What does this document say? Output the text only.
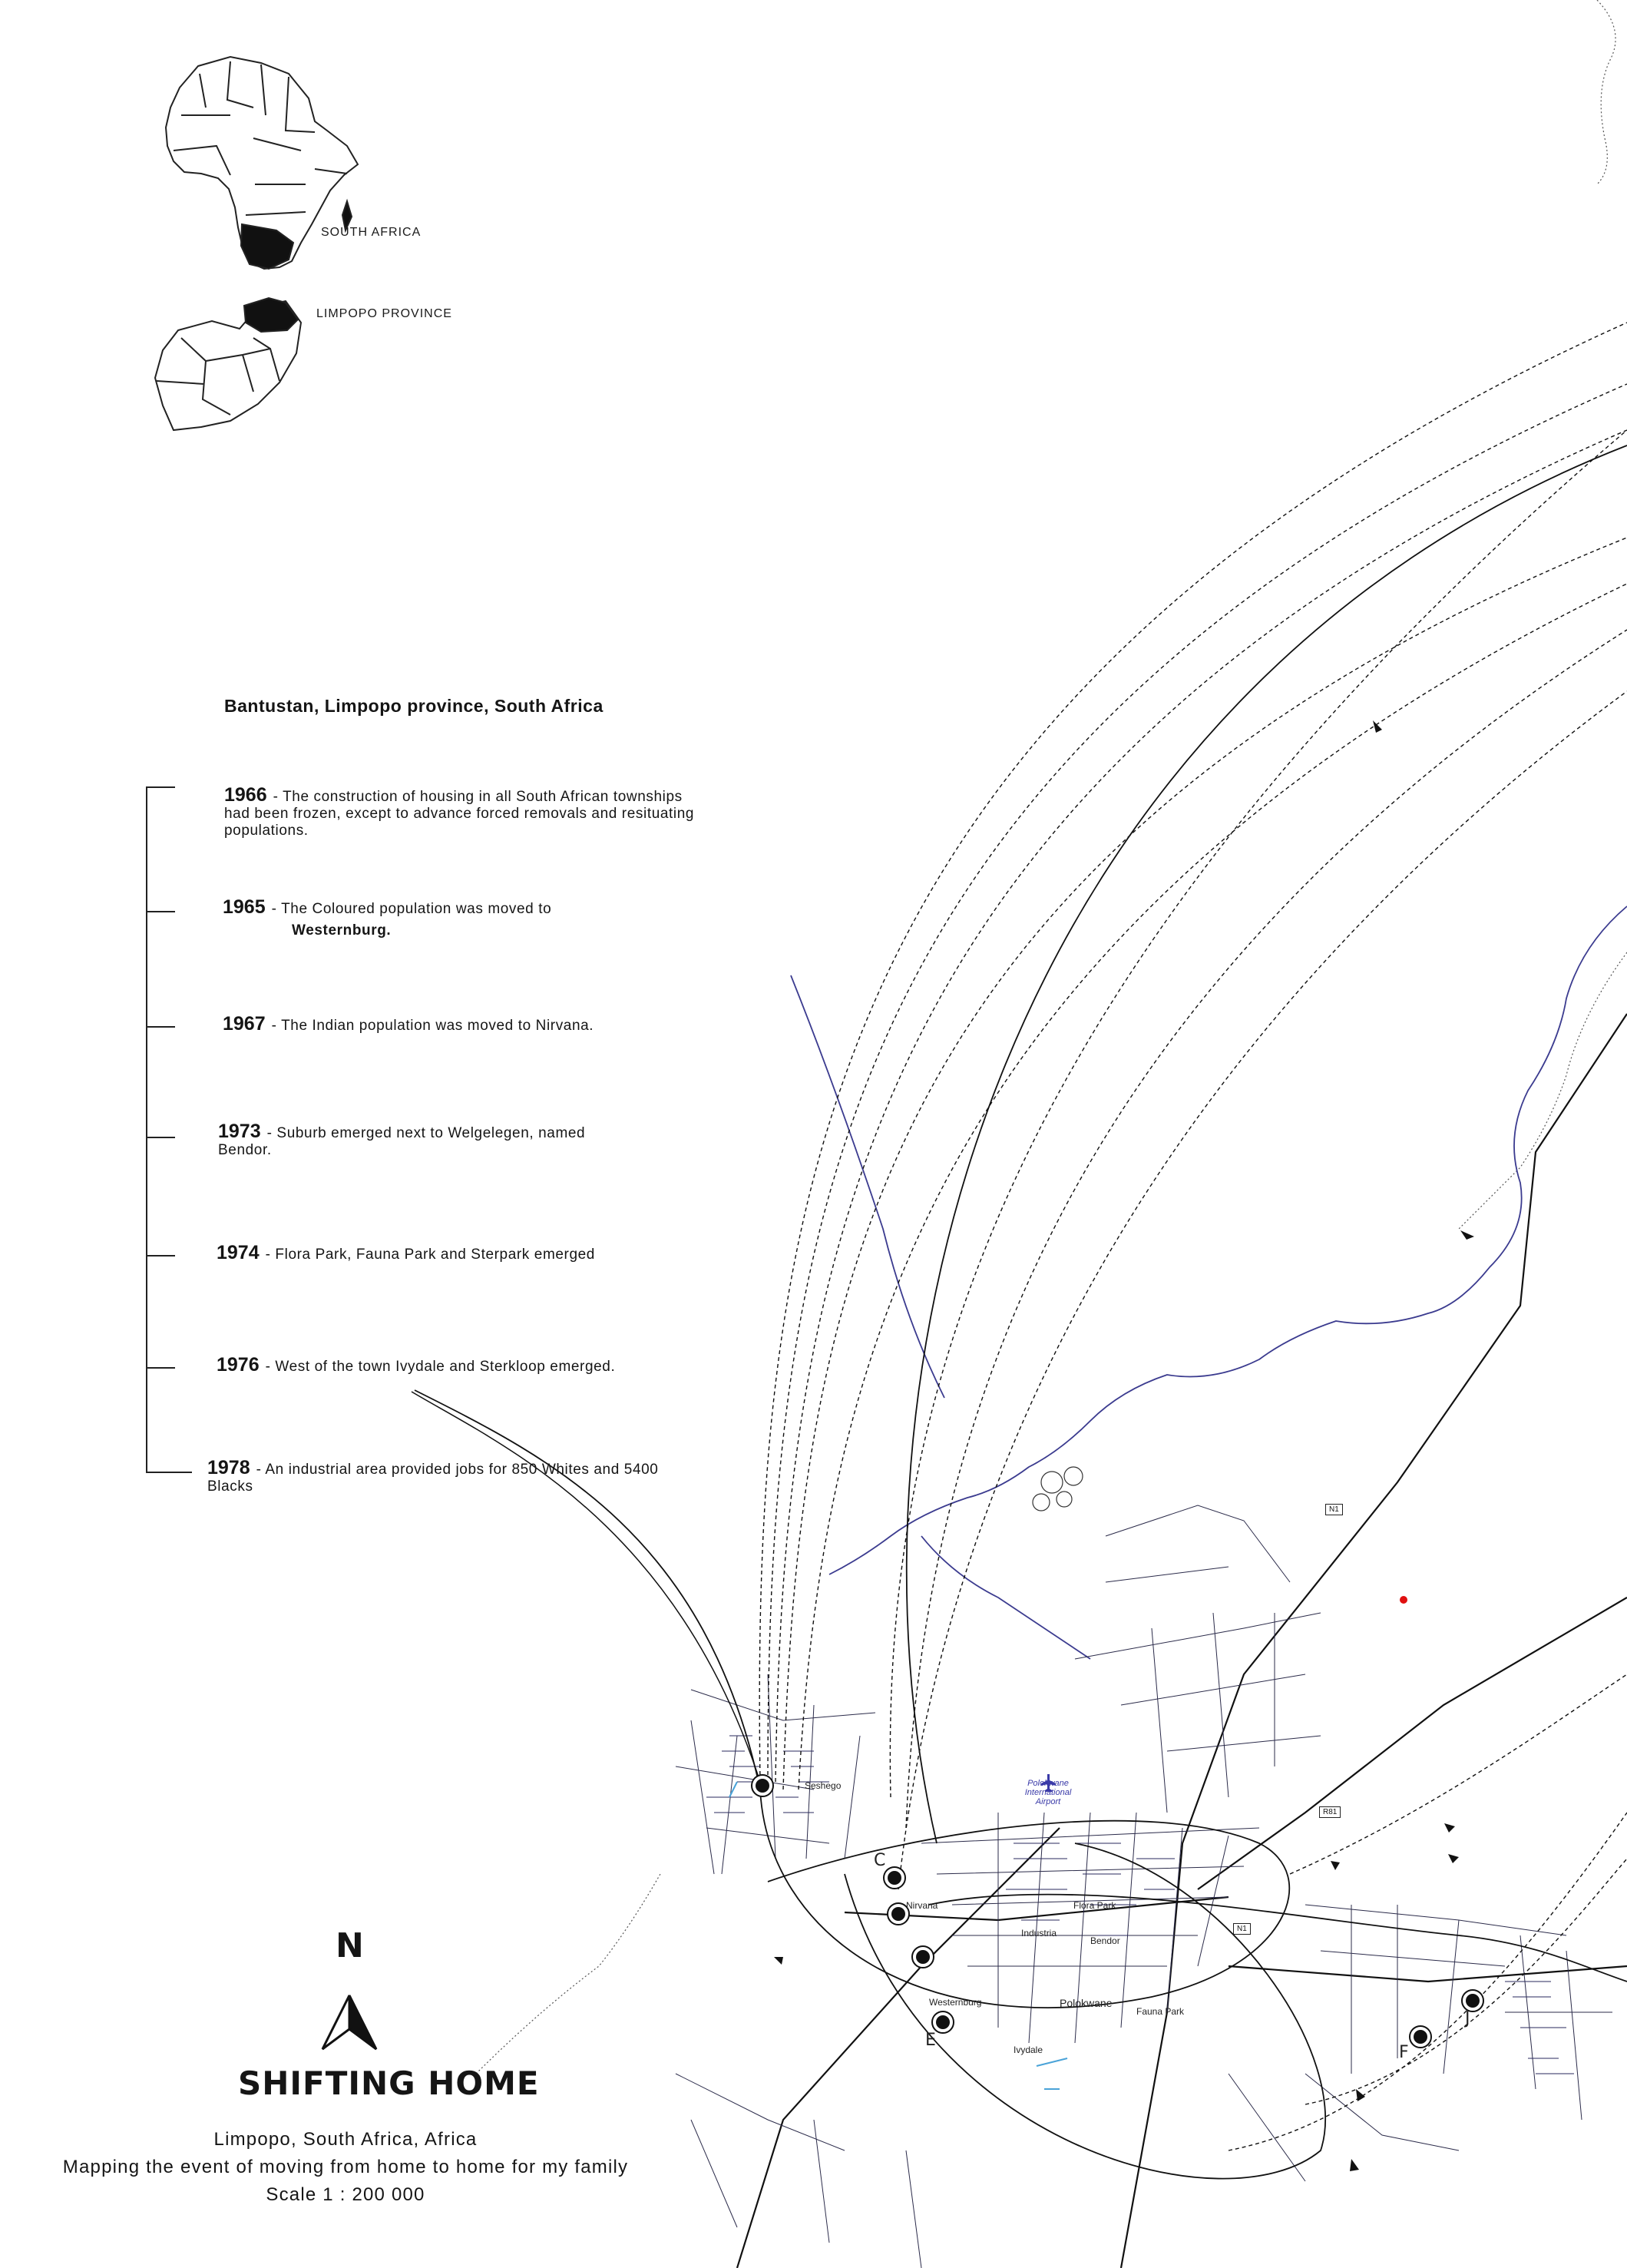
SOUTH AFRICA
LIMPOPO PROVINCE
Bantustan, Limpopo province, South Africa
1966 - The construction of housing in all South African townships had been frozen, except to advance forced removals and resituating populations.
1965 - The Coloured population was moved to
Westernburg.
1967 - The Indian population was moved to Nirvana.
1973 - Suburb emerged next to Welgelegen, named Bendor.
1974 - Flora Park, Fauna Park and Sterpark emerged
1976 - West of the town Ivydale and Sterkloop emerged.
1978 - An industrial area provided jobs for 850 Whites and 5400 Blacks
Seshego
Nirvana
Westernburg	Polokwane
Industria
Bendor
Flora Park
Fauna Park
Ivydale
Polokwane
International
Airport
N1
N1
R81
C
E
F
J
N
SHIFTING HOME
Limpopo, South Africa, Africa
Mapping the event of moving from home to home for my family
Scale 1 : 200 000
